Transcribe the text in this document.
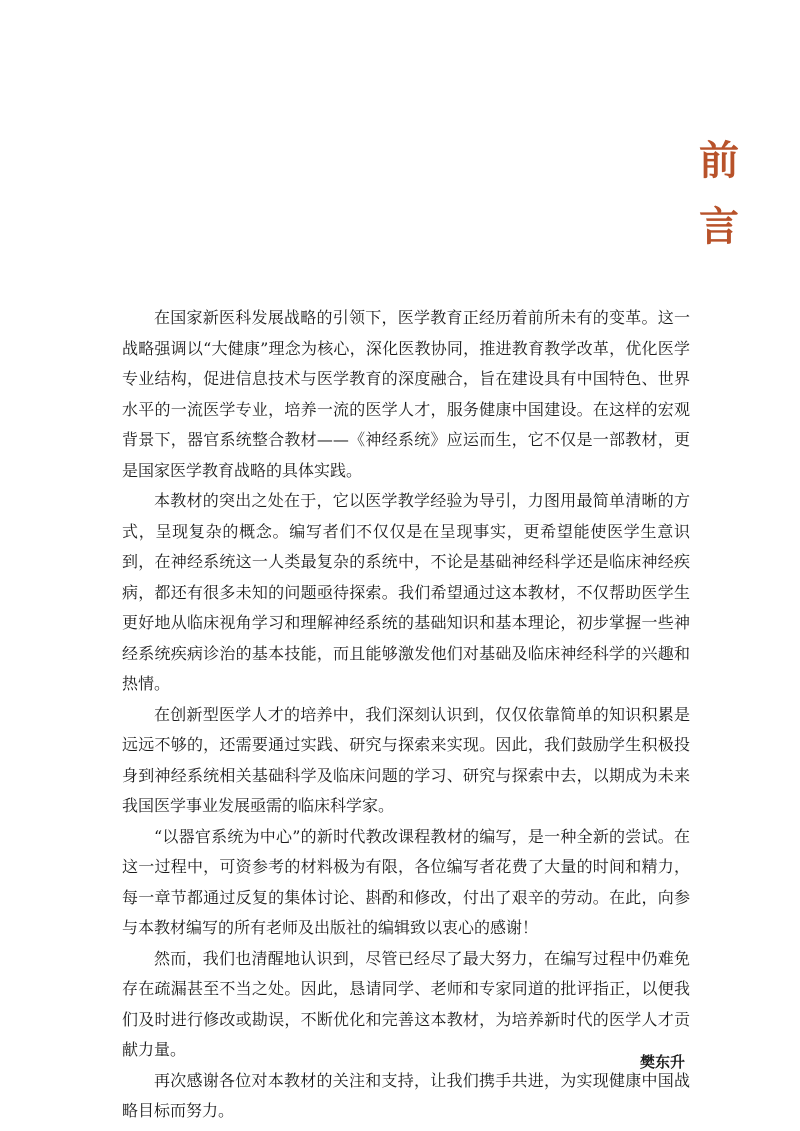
前
言

在国家新医科发展战略的引领下，医学教育正经历着前所未有的变革。这一战略强调以“大健康”理念为核心，深化医教协同，推进教育教学改革，优化医学专业结构，促进信息技术与医学教育的深度融合，旨在建设具有中国特色、世界水平的一流医学专业，培养一流的医学人才，服务健康中国建设。在这样的宏观背景下，器官系统整合教材——《神经系统》应运而生，它不仅是一部教材，更是国家医学教育战略的具体实践。

本教材的突出之处在于，它以医学教学经验为导引，力图用最简单清晰的方式，呈现复杂的概念。编写者们不仅仅是在呈现事实，更希望能使医学生意识到，在神经系统这一人类最复杂的系统中，不论是基础神经科学还是临床神经疾病，都还有很多未知的问题亟待探索。我们希望通过这本教材，不仅帮助医学生更好地从临床视角学习和理解神经系统的基础知识和基本理论，初步掌握一些神经系统疾病诊治的基本技能，而且能够激发他们对基础及临床神经科学的兴趣和热情。

在创新型医学人才的培养中，我们深刻认识到，仅仅依靠简单的知识积累是远远不够的，还需要通过实践、研究与探索来实现。因此，我们鼓励学生积极投身到神经系统相关基础科学及临床问题的学习、研究与探索中去，以期成为未来我国医学事业发展亟需的临床科学家。

“以器官系统为中心”的新时代教改课程教材的编写，是一种全新的尝试。在这一过程中，可资参考的材料极为有限，各位编写者花费了大量的时间和精力，每一章节都通过反复的集体讨论、斟酌和修改，付出了艰辛的劳动。在此，向参与本教材编写的所有老师及出版社的编辑致以衷心的感谢！

然而，我们也清醒地认识到，尽管已经尽了最大努力，在编写过程中仍难免存在疏漏甚至不当之处。因此，恳请同学、老师和专家同道的批评指正，以便我们及时进行修改或勘误，不断优化和完善这本教材，为培养新时代的医学人才贡献力量。

再次感谢各位对本教材的关注和支持，让我们携手共进，为实现健康中国战略目标而努力。

樊东升
